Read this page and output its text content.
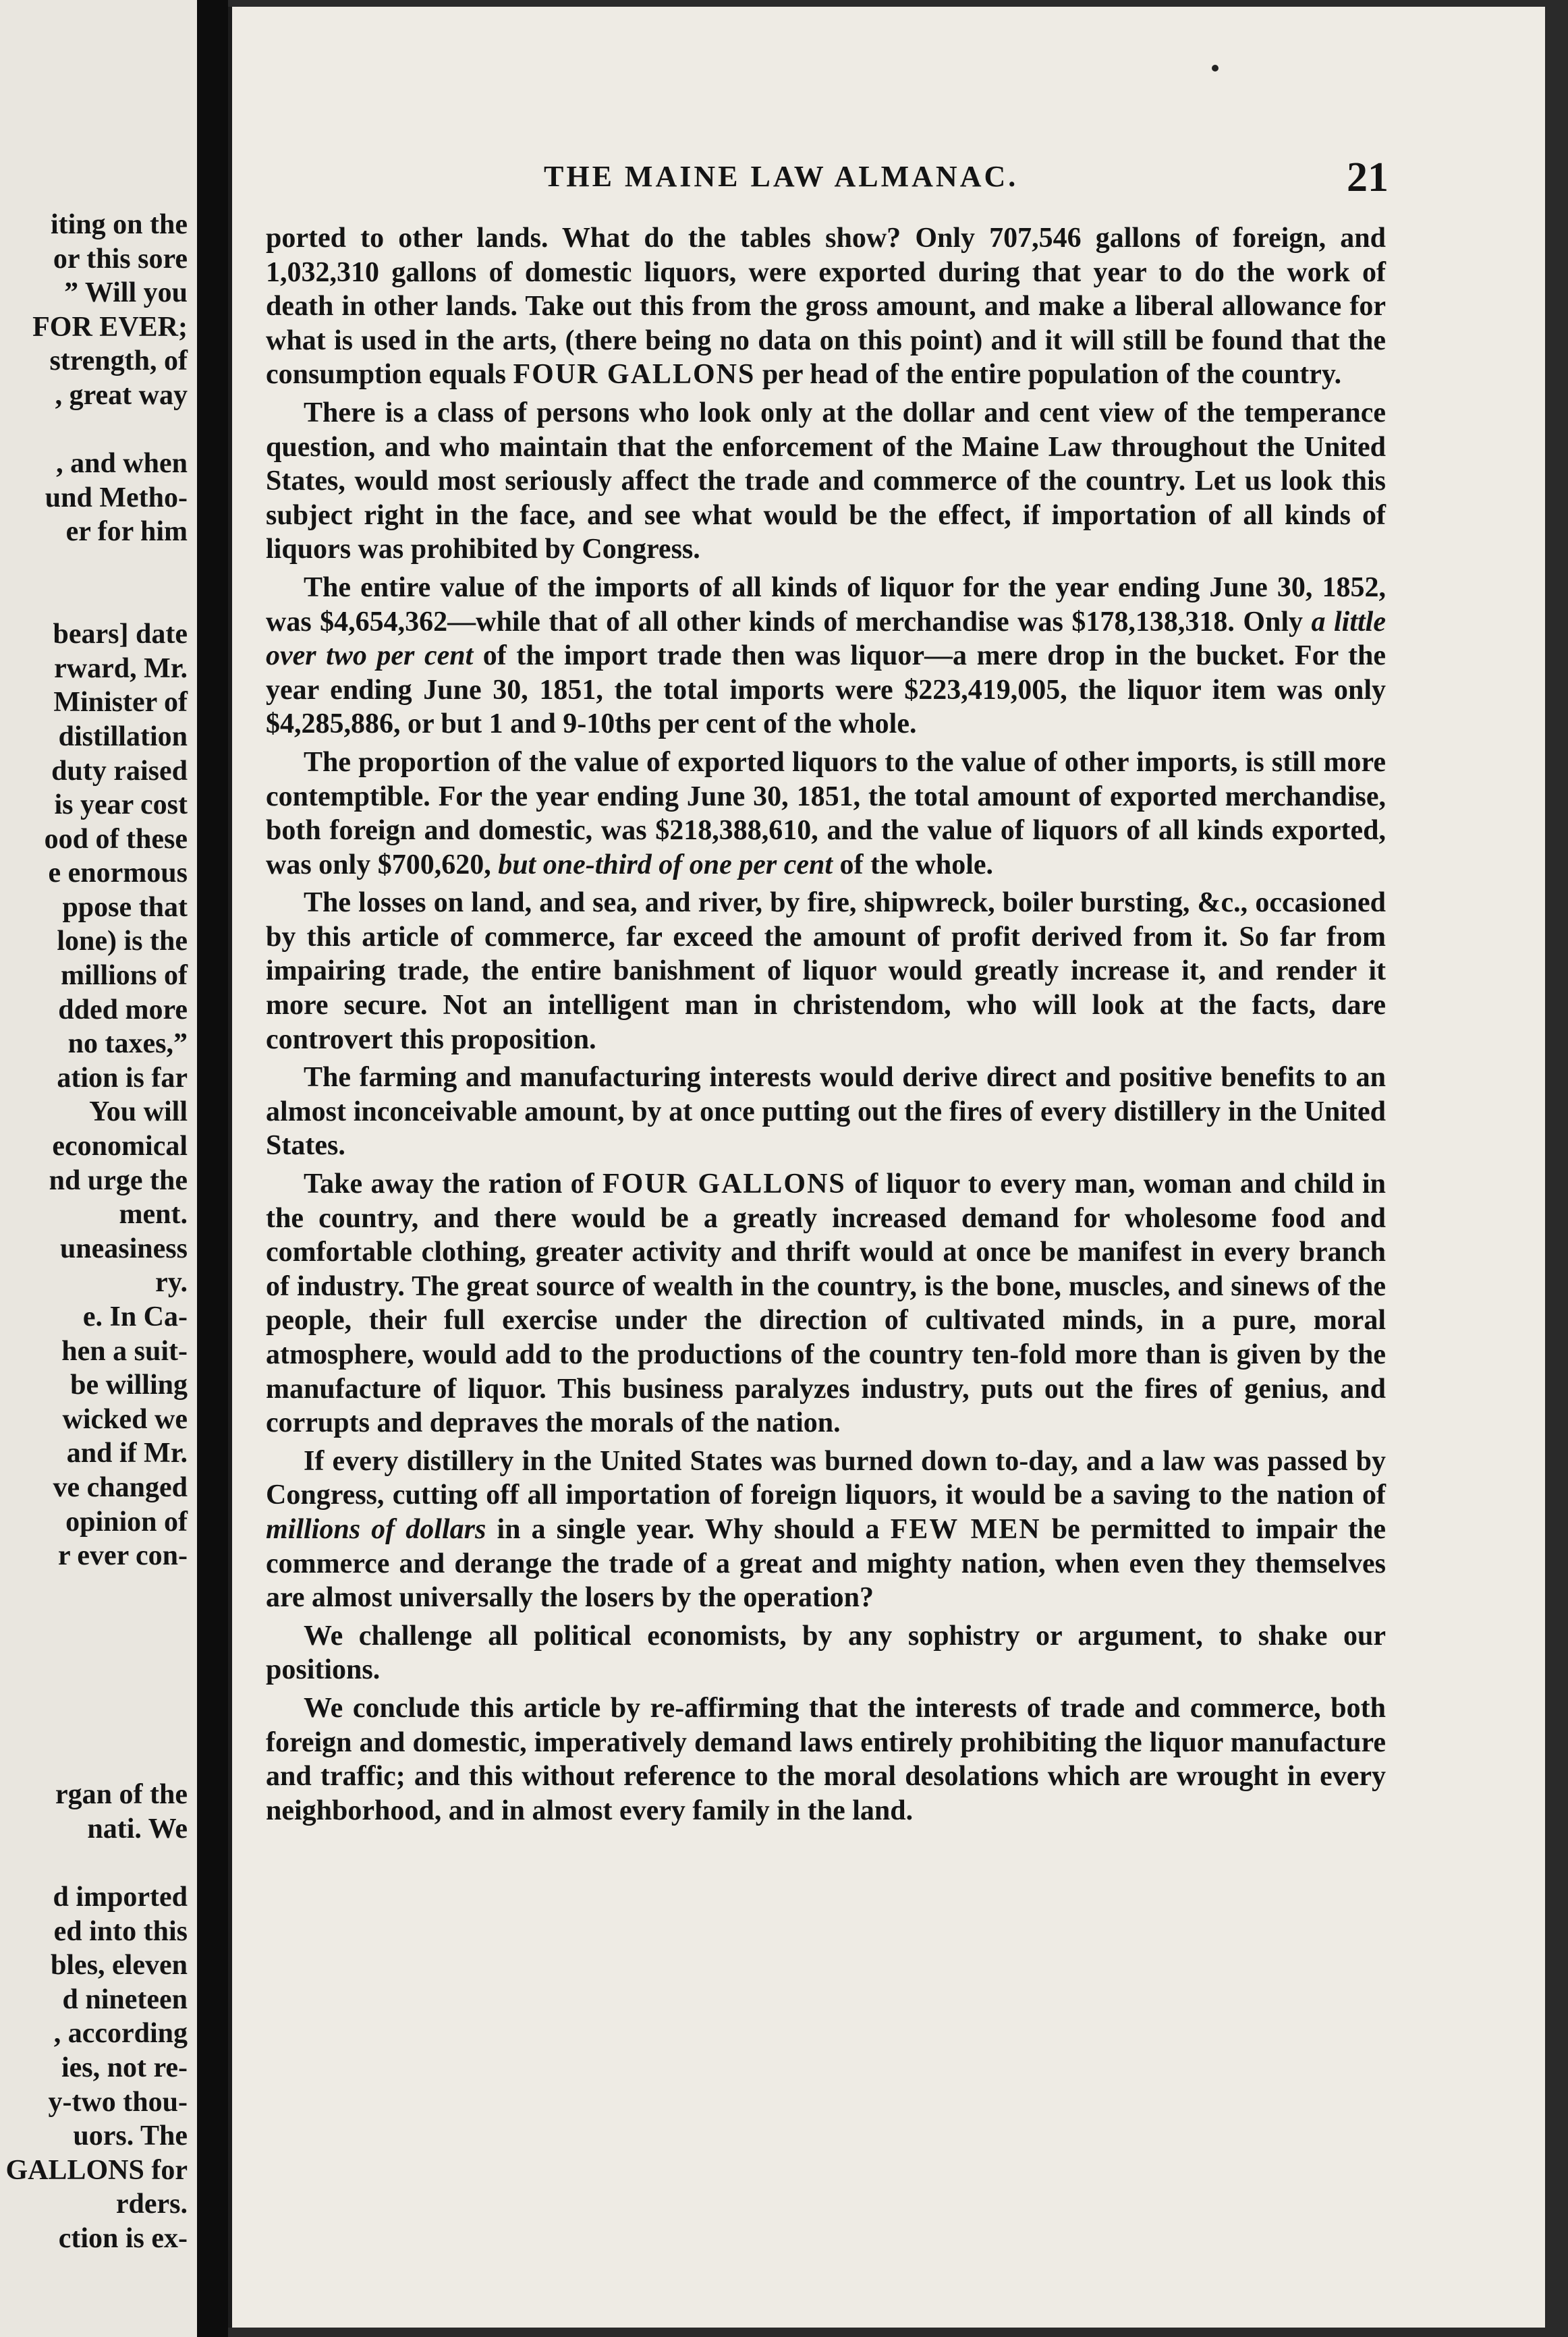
iting on the
or this sore
” Will you
FOR EVER;
strength, of
, great way

, and when
und Metho-
er for him

bears] date
rward, Mr.
Minister of
distillation
duty raised
is year cost
ood of these
e enormous
ppose that
lone) is the
millions of
dded more
no taxes,”
ation is far
You will
economical
nd urge the
ment.
uneasiness
ry.
e. In Ca-
hen a suit-
be willing
wicked we
and if Mr.
ve changed
opinion of
r ever con-

rgan of the
nati. We

d imported
ed into this
bles, eleven
d nineteen
, according
ies, not re-
y-two thou-
uors. The
GALLONS for
rders.
ction is ex-
THE MAINE LAW ALMANAC.	21

ported to other lands. What do the tables show? Only 707,546 gallons of foreign, and 1,032,310 gallons of domestic liquors, were exported during that year to do the work of death in other lands. Take out this from the gross amount, and make a liberal allowance for what is used in the arts, (there being no data on this point) and it will still be found that the consumption equals FOUR GALLONS per head of the entire population of the country.

There is a class of persons who look only at the dollar and cent view of the temperance question, and who maintain that the enforcement of the Maine Law throughout the United States, would most seriously affect the trade and commerce of the country. Let us look this subject right in the face, and see what would be the effect, if importation of all kinds of liquors was prohibited by Congress.

The entire value of the imports of all kinds of liquor for the year ending June 30, 1852, was $4,654,362—while that of all other kinds of merchandise was $178,138,318. Only a little over two per cent of the import trade then was liquor—a mere drop in the bucket. For the year ending June 30, 1851, the total imports were $223,419,005, the liquor item was only $4,285,886, or but 1 and 9-10ths per cent of the whole.

The proportion of the value of exported liquors to the value of other imports, is still more contemptible. For the year ending June 30, 1851, the total amount of exported merchandise, both foreign and domestic, was $218,388,610, and the value of liquors of all kinds exported, was only $700,620, but one-third of one per cent of the whole.

The losses on land, and sea, and river, by fire, shipwreck, boiler bursting, &c., occasioned by this article of commerce, far exceed the amount of profit derived from it. So far from impairing trade, the entire banishment of liquor would greatly increase it, and render it more secure. Not an intelligent man in christendom, who will look at the facts, dare controvert this proposition.

The farming and manufacturing interests would derive direct and positive benefits to an almost inconceivable amount, by at once putting out the fires of every distillery in the United States.

Take away the ration of FOUR GALLONS of liquor to every man, woman and child in the country, and there would be a greatly increased demand for wholesome food and comfortable clothing, greater activity and thrift would at once be manifest in every branch of industry. The great source of wealth in the country, is the bone, muscles, and sinews of the people, their full exercise under the direction of cultivated minds, in a pure, moral atmosphere, would add to the productions of the country ten-fold more than is given by the manufacture of liquor. This business paralyzes industry, puts out the fires of genius, and corrupts and depraves the morals of the nation.

If every distillery in the United States was burned down to-day, and a law was passed by Congress, cutting off all importation of foreign liquors, it would be a saving to the nation of millions of dollars in a single year. Why should a FEW MEN be permitted to impair the commerce and derange the trade of a great and mighty nation, when even they themselves are almost universally the losers by the operation?

We challenge all political economists, by any sophistry or argument, to shake our positions.

We conclude this article by re-affirming that the interests of trade and commerce, both foreign and domestic, imperatively demand laws entirely prohibiting the liquor manufacture and traffic; and this without reference to the moral desolations which are wrought in every neighborhood, and in almost every family in the land.
